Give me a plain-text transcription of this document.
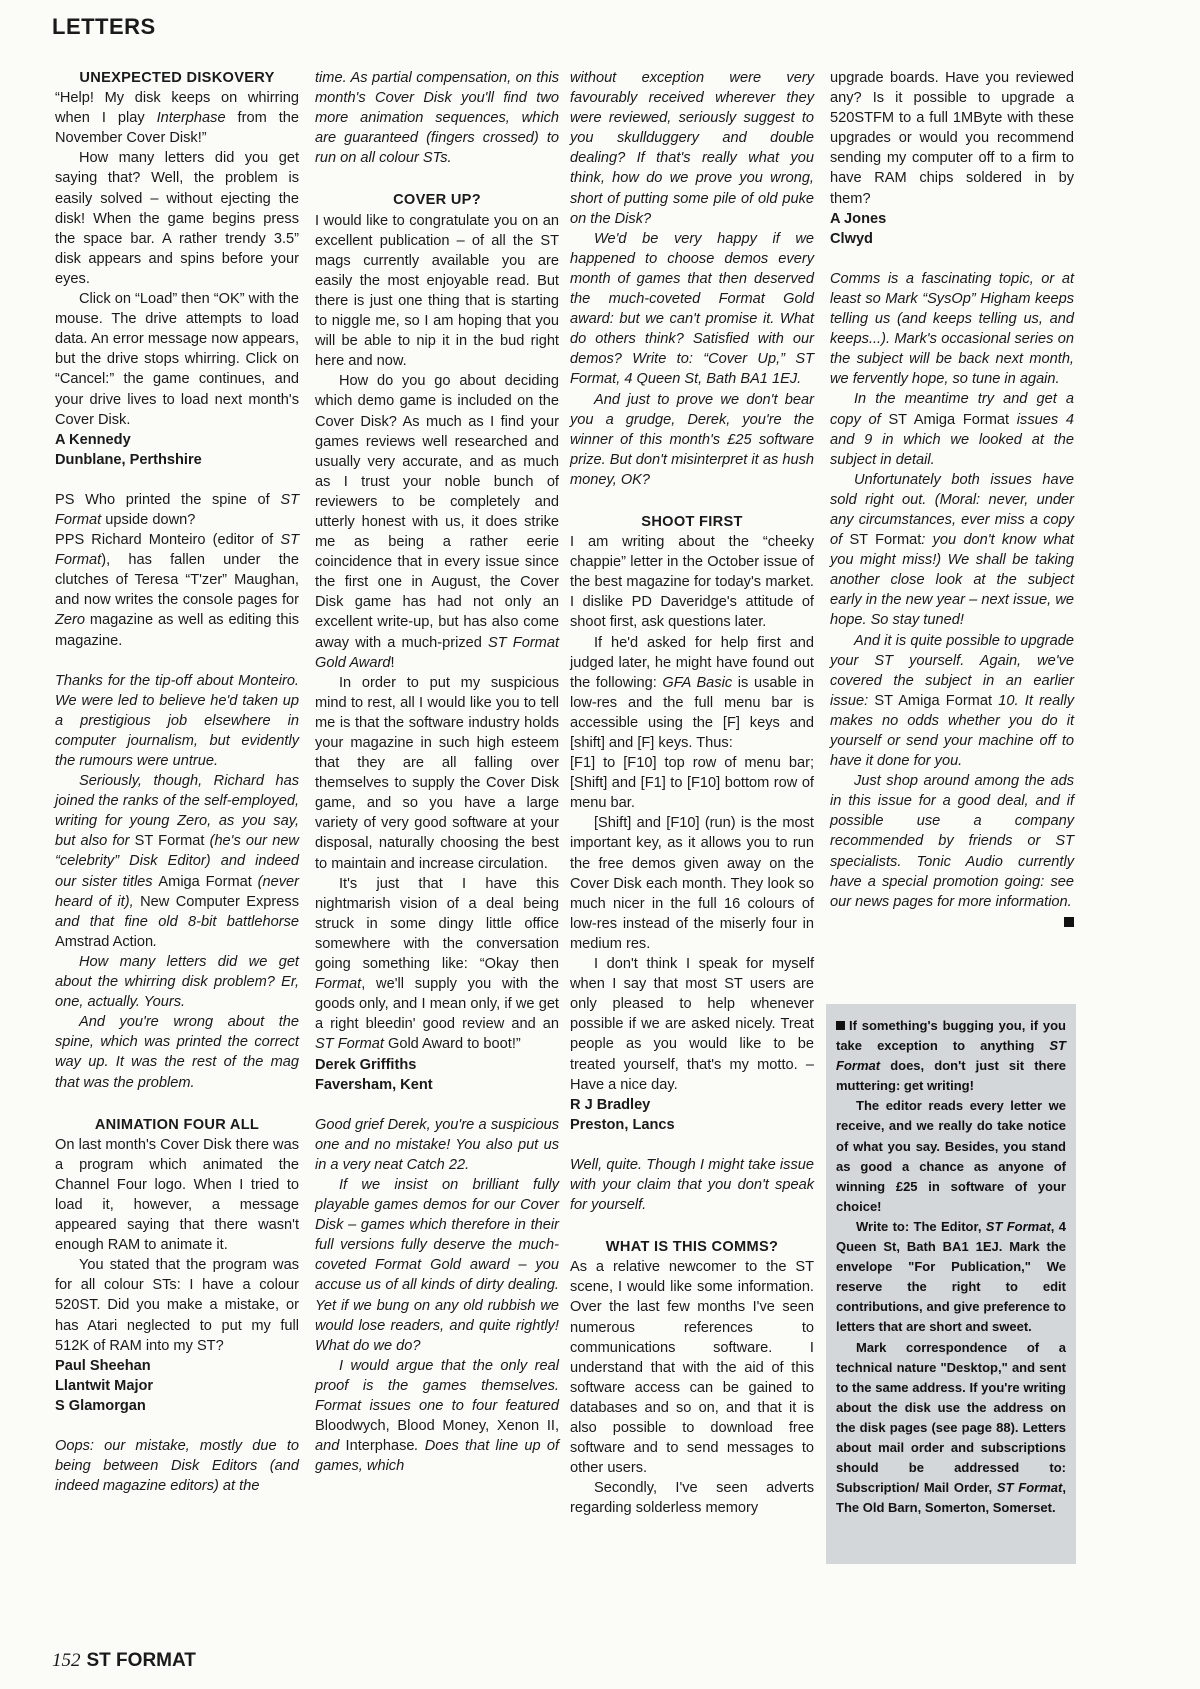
LETTERS
UNEXPECTED DISKOVERY

“Help! My disk keeps on whirring when I play Interphase from the November Cover Disk!”

How many letters did you get saying that? Well, the problem is easily solved – without ejecting the disk! When the game begins press the space bar. A rather trendy 3.5” disk appears and spins before your eyes.

Click on “Load” then “OK” with the mouse. The drive attempts to load data. An error message now appears, but the drive stops whirring. Click on “Cancel:” the game continues, and your drive lives to load next month's Cover Disk.

A Kennedy
Dunblane, Perthshire

PS Who printed the spine of ST Format upside down?

PPS Richard Monteiro (editor of ST Format), has fallen under the clutches of Teresa “T'zer” Maughan, and now writes the console pages for Zero magazine as well as editing this magazine.

Thanks for the tip-off about Monteiro. We were led to believe he'd taken up a prestigious job elsewhere in computer journalism, but evidently the rumours were untrue.

Seriously, though, Richard has joined the ranks of the self-employed, writing for young Zero, as you say, but also for ST Format (he's our new “celebrity” Disk Editor) and indeed our sister titles Amiga Format (never heard of it), New Computer Express and that fine old 8-bit battlehorse Amstrad Action.

How many letters did we get about the whirring disk problem? Er, one, actually. Yours.

And you're wrong about the spine, which was printed the correct way up. It was the rest of the mag that was the problem.

ANIMATION FOUR ALL

On last month's Cover Disk there was a program which animated the Channel Four logo. When I tried to load it, however, a message appeared saying that there wasn't enough RAM to animate it.

You stated that the program was for all colour STs: I have a colour 520ST. Did you make a mistake, or has Atari neglected to put my full 512K of RAM into my ST?

Paul Sheehan
Llantwit Major
S Glamorgan

Oops: our mistake, mostly due to being between Disk Editors (and indeed magazine editors) at the

time. As partial compensation, on this month's Cover Disk you'll find two more animation sequences, which are guaranteed (fingers crossed) to run on all colour STs.

COVER UP?

I would like to congratulate you on an excellent publication – of all the ST mags currently available you are easily the most enjoyable read. But there is just one thing that is starting to niggle me, so I am hoping that you will be able to nip it in the bud right here and now.

How do you go about deciding which demo game is included on the Cover Disk? As much as I find your games reviews well researched and usually very accurate, and as much as I trust your noble bunch of reviewers to be completely and utterly honest with us, it does strike me as being a rather eerie coincidence that in every issue since the first one in August, the Cover Disk game has had not only an excellent write-up, but has also come away with a much-prized ST Format Gold Award!

In order to put my suspicious mind to rest, all I would like you to tell me is that the software industry holds your magazine in such high esteem that they are all falling over themselves to supply the Cover Disk game, and so you have a large variety of very good software at your disposal, naturally choosing the best to maintain and increase circulation.

It's just that I have this nightmarish vision of a deal being struck in some dingy little office somewhere with the conversation going something like: “Okay then Format, we'll supply you with the goods only, and I mean only, if we get a right bleedin' good review and an ST Format Gold Award to boot!”

Derek Griffiths
Faversham, Kent

Good grief Derek, you're a suspicious one and no mistake! You also put us in a very neat Catch 22.

If we insist on brilliant fully playable games demos for our Cover Disk – games which therefore in their full versions fully deserve the much-coveted Format Gold award – you accuse us of all kinds of dirty dealing. Yet if we bung on any old rubbish we would lose readers, and quite rightly! What do we do?

I would argue that the only real proof is the games themselves. Format issues one to four featured Bloodwych, Blood Money, Xenon II, and Interphase. Does that line up of games, which

without exception were very favourably received wherever they were reviewed, seriously suggest to you skullduggery and double dealing? If that's really what you think, how do we prove you wrong, short of putting some pile of old puke on the Disk?

We'd be very happy if we happened to choose demos every month of games that then deserved the much-coveted Format Gold award: but we can't promise it. What do others think? Satisfied with our demos? Write to: “Cover Up,” ST Format, 4 Queen St, Bath BA1 1EJ.

And just to prove we don't bear you a grudge, Derek, you're the winner of this month's £25 software prize. But don't misinterpret it as hush money, OK?

SHOOT FIRST

I am writing about the “cheeky chappie” letter in the October issue of the best magazine for today's market. I dislike PD Daveridge's attitude of shoot first, ask questions later.

If he'd asked for help first and judged later, he might have found out the following: GFA Basic is usable in low-res and the full menu bar is accessible using the [F] keys and [shift] and [F] keys. Thus:

[F1] to [F10] top row of menu bar; [Shift] and [F1] to [F10] bottom row of menu bar.

[Shift] and [F10] (run) is the most important key, as it allows you to run the free demos given away on the Cover Disk each month. They look so much nicer in the full 16 colours of low-res instead of the miserly four in medium res.

I don't think I speak for myself when I say that most ST users are only pleased to help whenever possible if we are asked nicely. Treat people as you would like to be treated yourself, that's my motto. – Have a nice day.

R J Bradley
Preston, Lancs

Well, quite. Though I might take issue with your claim that you don't speak for yourself.

WHAT IS THIS COMMS?

As a relative newcomer to the ST scene, I would like some information. Over the last few months I've seen numerous references to communications software. I understand that with the aid of this software access can be gained to databases and so on, and that it is also possible to download free software and to send messages to other users.

Secondly, I've seen adverts regarding solderless memory

upgrade boards. Have you reviewed any? Is it possible to upgrade a 520STFM to a full 1MByte with these upgrades or would you recommend sending my computer off to a firm to have RAM chips soldered in by them?

A Jones
Clwyd

Comms is a fascinating topic, or at least so Mark “SysOp” Higham keeps telling us (and keeps telling us, and keeps...). Mark's occasional series on the subject will be back next month, we fervently hope, so tune in again.

In the meantime try and get a copy of ST Amiga Format issues 4 and 9 in which we looked at the subject in detail.

Unfortunately both issues have sold right out. (Moral: never, under any circumstances, ever miss a copy of ST Format: you don't know what you might miss!) We shall be taking another close look at the subject early in the new year – next issue, we hope. So stay tuned!

And it is quite possible to upgrade your ST yourself. Again, we've covered the subject in an earlier issue: ST Amiga Format 10. It really makes no odds whether you do it yourself or send your machine off to have it done for you.

Just shop around among the ads in this issue for a good deal, and if possible use a company recommended by friends or ST specialists. Tonic Audio currently have a special promotion going: see our news pages for more information.

If something's bugging you, if you take exception to anything ST Format does, don't just sit there muttering: get writing!

The editor reads every letter we receive, and we really do take notice of what you say. Besides, you stand as good a chance as anyone of winning £25 in software of your choice!

Write to: The Editor, ST Format, 4 Queen St, Bath BA1 1EJ. Mark the envelope "For Publication," We reserve the right to edit contributions, and give preference to letters that are short and sweet.

Mark correspondence of a technical nature "Desktop," and sent to the same address. If you're writing about the disk use the address on the disk pages (see page 88). Letters about mail order and subscriptions should be addressed to: Subscription/ Mail Order, ST Format, The Old Barn, Somerton, Somerset.

152 ST FORMAT
